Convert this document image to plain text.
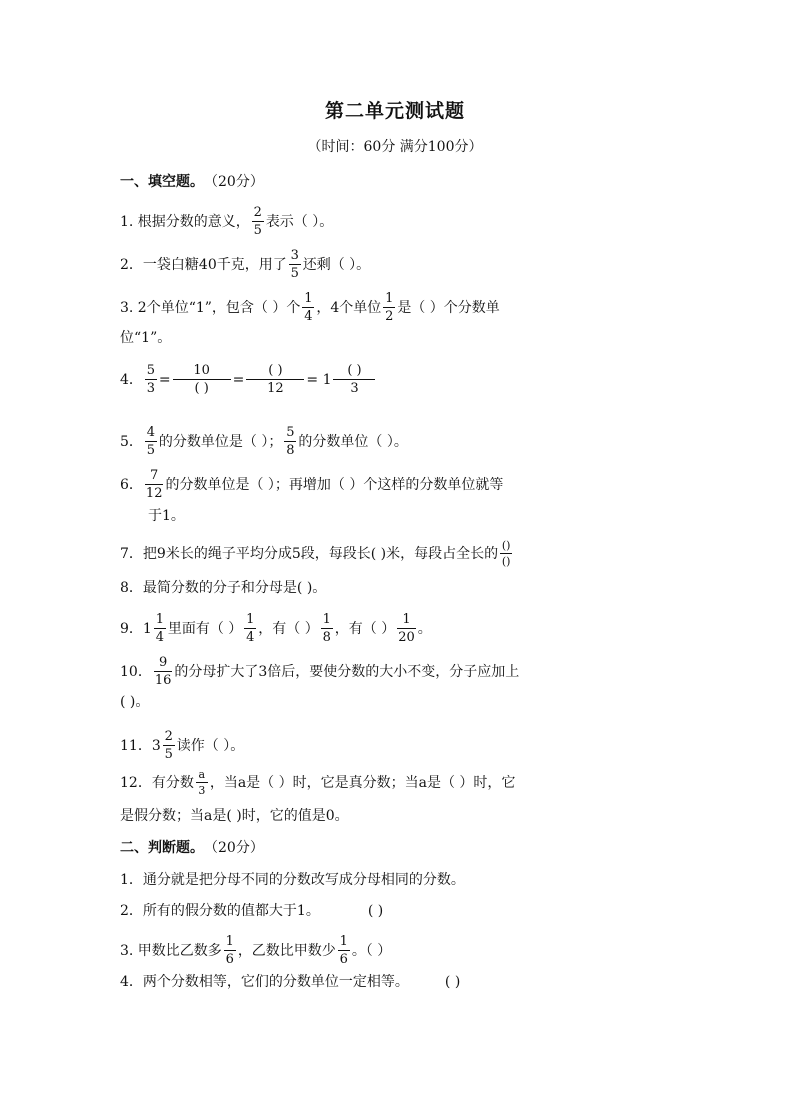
第二单元测试题
（时间：60分 满分100分）
一、填空题。 （20分）
1. 根据分数的意义， $\frac{2}{5}$ 表示（ ）。
2．一袋白糖40千克，用了 $\frac{3}{5}$ 还剩（ ）。
3. 2个单位“1”，包含（ ）个 $\frac{1}{4}$ ，4个单位 $\frac{1}{2}$ 是（ ）个分数单
位“1”。
4． $\frac{5}{3} = \frac{10}{( )} = \frac{( )}{12} = 1 \frac{( )}{3}$
5． $\frac{4}{5}$ 的分数单位是（ ）； $\frac{5}{8}$ 的分数单位（ ）。
6． $\frac{7}{12}$ 的分数单位是（ ）；再增加（ ）个这样的分数单位就等
于1。
7．把9米长的绳子平均分成5段，每段长( )米，每段占全长的 $\frac{()}{()}$
8．最简分数的分子和分母是( )。
9． $1 \frac{1}{4}$ 里面有（ ） $\frac{1}{4}$ ，有（ ） $\frac{1}{8}$ ，有（ ） $\frac{1}{20}$ 。
10． $\frac{9}{16}$ 的分母扩大了3倍后，要使分数的大小不变，分子应加上
( )。
11． $3 \frac{2}{5}$ 读作（ ）。
12．有分数 $\frac{a}{3}$ ，当a是（ ）时，它是真分数；当a是（ ）时，它
是假分数；当a是( )时，它的值是0。
二、判断题。 （20分）
1．通分就是把分母不同的分数改写成分母相同的分数。
2．所有的假分数的值都大于1。	( )
3. 甲数比乙数多 $\frac{1}{6}$ ，乙数比甲数少 $\frac{1}{6}$ 。（ ）
4．两个分数相等，它们的分数单位一定相等。	( )
